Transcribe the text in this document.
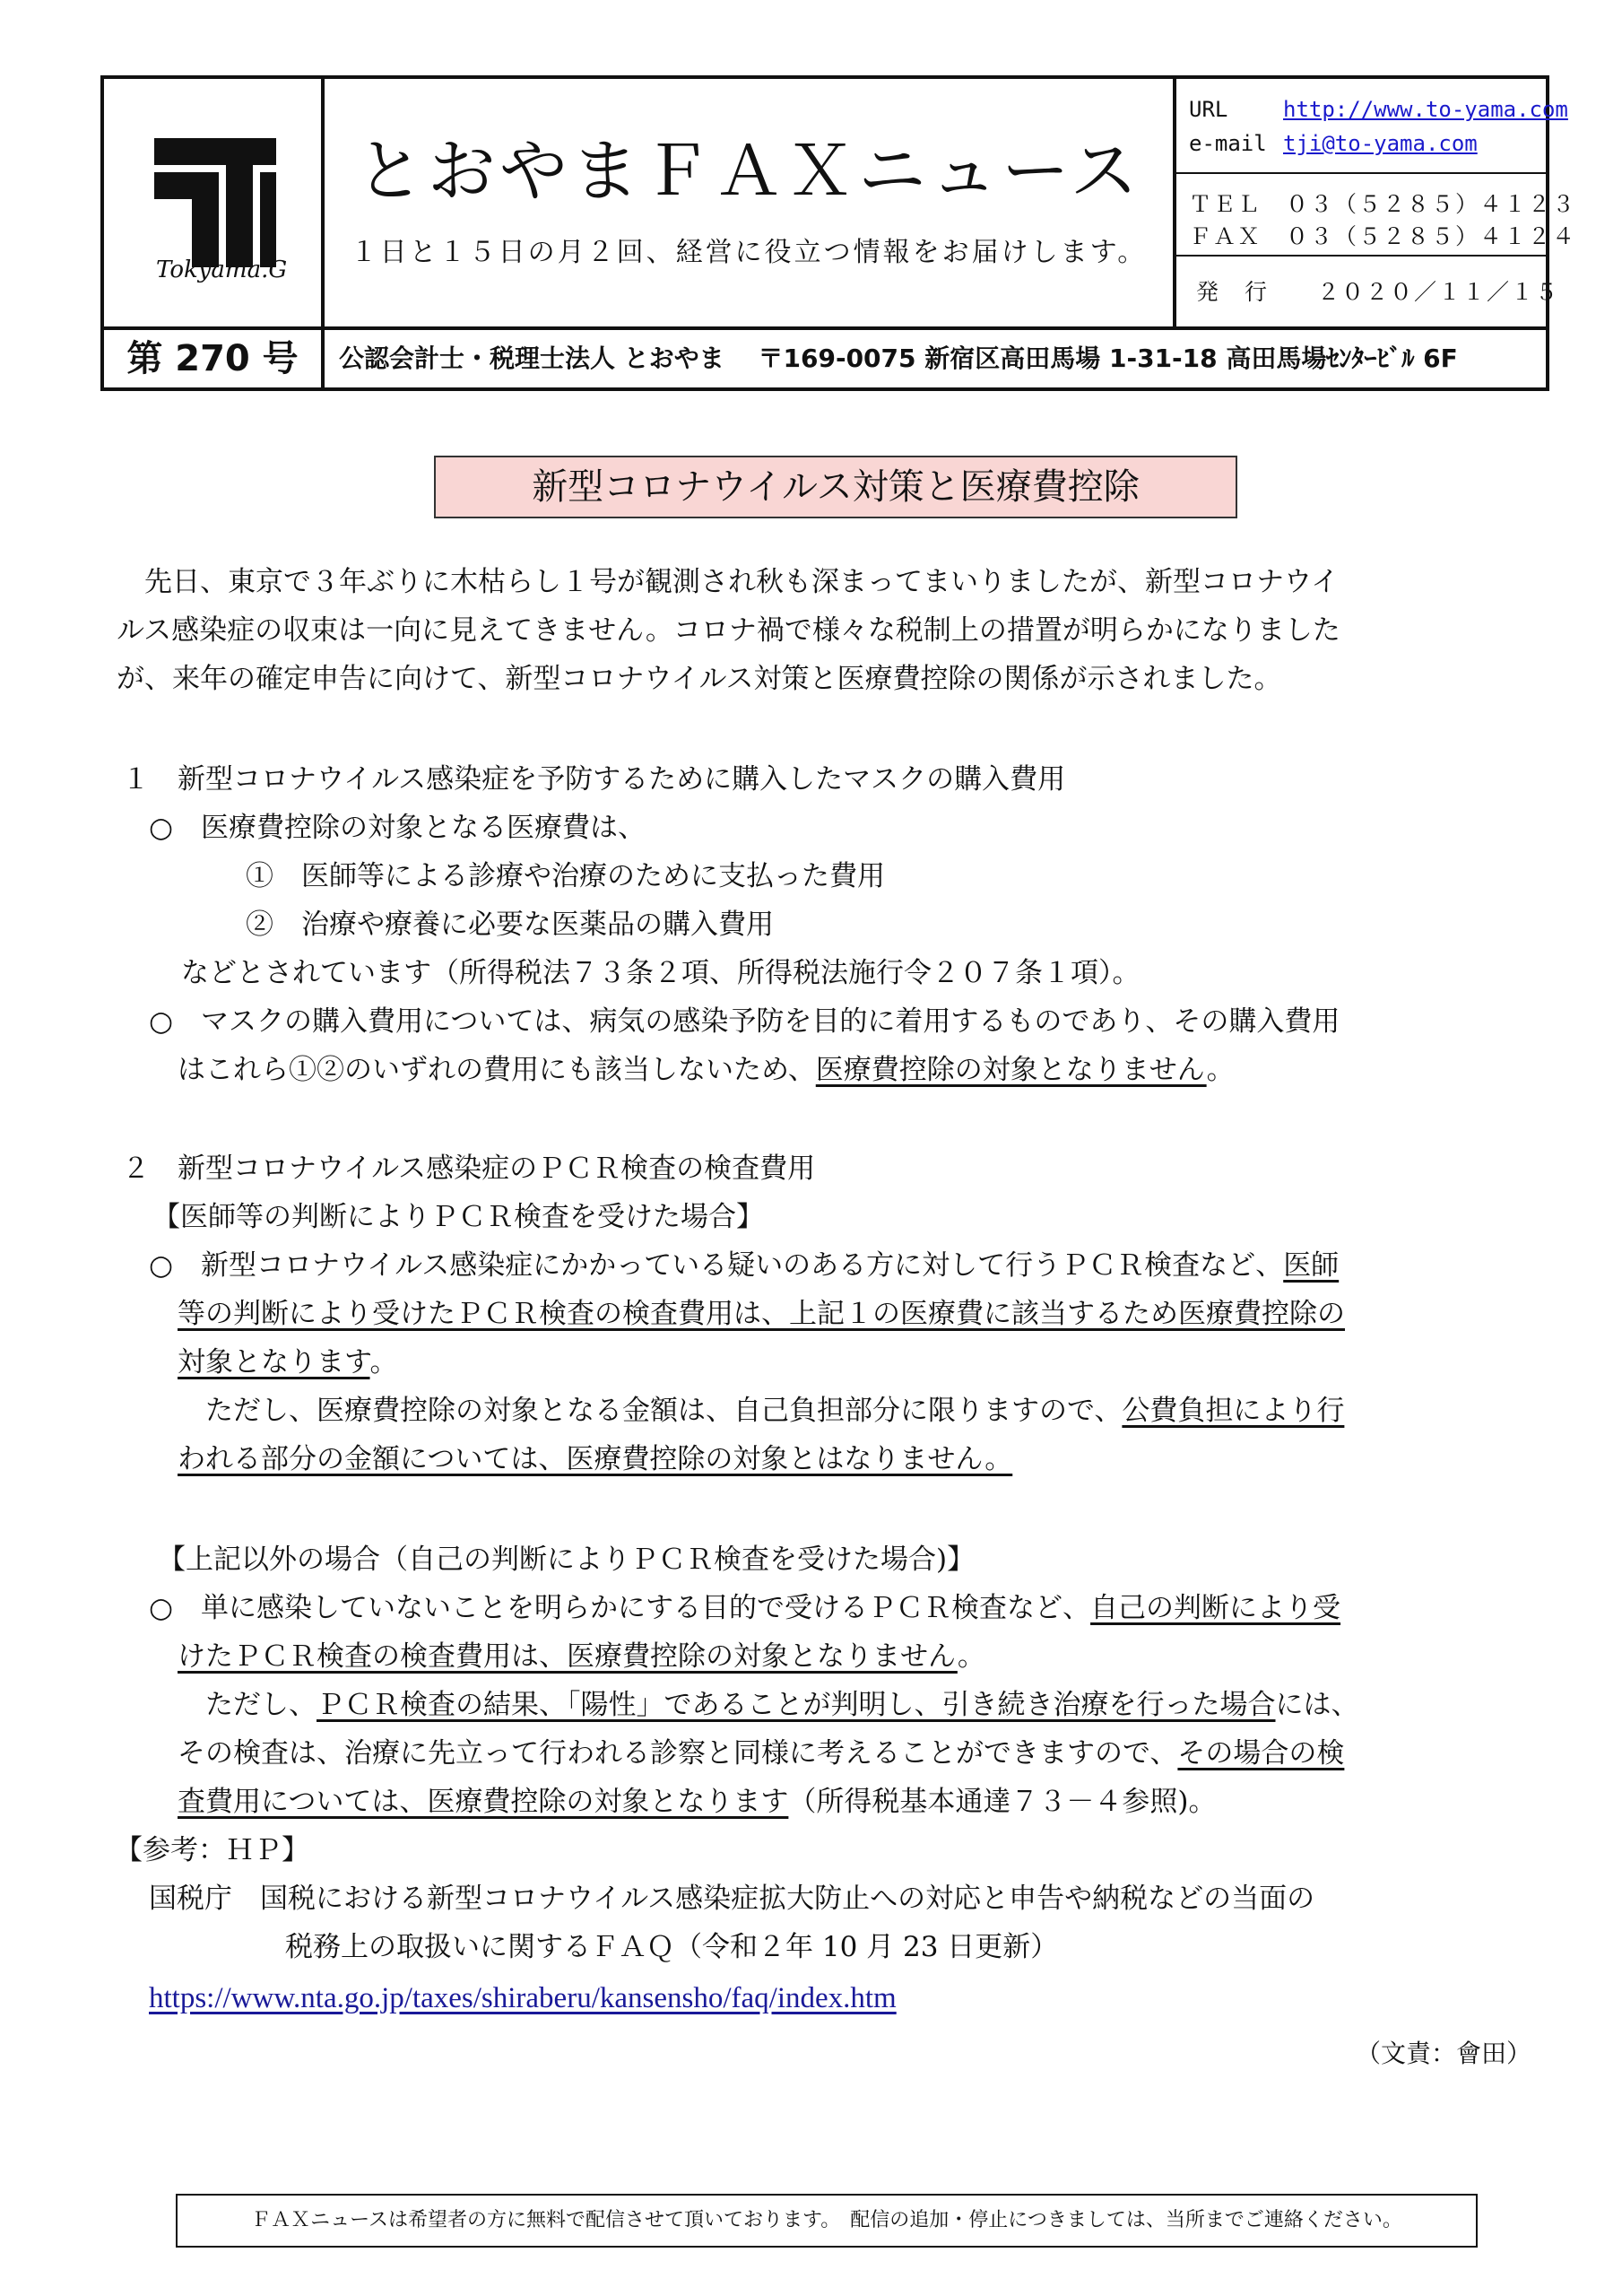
Tokyama.G
とおやまＦＡＸニュース
１日と１５日の月２回、経営に役立つ情報をお届けします。
URL	http://www.to-yama.com
e-mail tji@to-yama.com
ＴＥＬ　０３（５２８５）４１２３
ＦＡＸ　０３（５２８５）４１２４
発　行　　２０２０／１１／１５
第 270 号	公認会計士・税理士法人 とおやま　 〒169-0075 新宿区高田馬場 1-31-18 高田馬場ｾﾝﾀｰﾋﾞﾙ 6F
新型コロナウイルス対策と医療費控除
　先日、東京で３年ぶりに木枯らし１号が観測され秋も深まってまいりましたが、新型コロナウイ
ルス感染症の収束は一向に見えてきません。コロナ禍で様々な税制上の措置が明らかになりました
が、来年の確定申告に向けて、新型コロナウイルス対策と医療費控除の関係が示されました。
１　新型コロナウイルス感染症を予防するために購入したマスクの購入費用
○　医療費控除の対象となる医療費は、
①　医師等による診療や治療のために支払った費用
②　治療や療養に必要な医薬品の購入費用
などとされています（所得税法７３条２項、所得税法施行令２０７条１項）。
○　マスクの購入費用については、病気の感染予防を目的に着用するものであり、その購入費用
はこれら①②のいずれの費用にも該当しないため、医療費控除の対象となりません。
２　新型コロナウイルス感染症のＰＣＲ検査の検査費用
【医師等の判断によりＰＣＲ検査を受けた場合】
○　新型コロナウイルス感染症にかかっている疑いのある方に対して行うＰＣＲ検査など、医師
等の判断により受けたＰＣＲ検査の検査費用は、上記１の医療費に該当するため医療費控除の
対象となります。
　ただし、医療費控除の対象となる金額は、自己負担部分に限りますので、公費負担により行
われる部分の金額については、医療費控除の対象とはなりません。
【上記以外の場合（自己の判断によりＰＣＲ検査を受けた場合)】
○　単に感染していないことを明らかにする目的で受けるＰＣＲ検査など、自己の判断により受
けたＰＣＲ検査の検査費用は、医療費控除の対象となりません。
　ただし、ＰＣＲ検査の結果、「陽性」であることが判明し、引き続き治療を行った場合には、
その検査は、治療に先立って行われる診察と同様に考えることができますので、その場合の検
査費用については、医療費控除の対象となります（所得税基本通達７３－４参照)。
【参考：ＨＰ】
国税庁　国税における新型コロナウイルス感染症拡大防止への対応と申告や納税などの当面の
税務上の取扱いに関するＦＡＱ（令和２年 10 月 23 日更新）
https://www.nta.go.jp/taxes/shiraberu/kansensho/faq/index.htm
（文責：會田）
ＦＡＸニュースは希望者の方に無料で配信させて頂いております。　配信の追加・停止につきましては、当所までご連絡ください。
